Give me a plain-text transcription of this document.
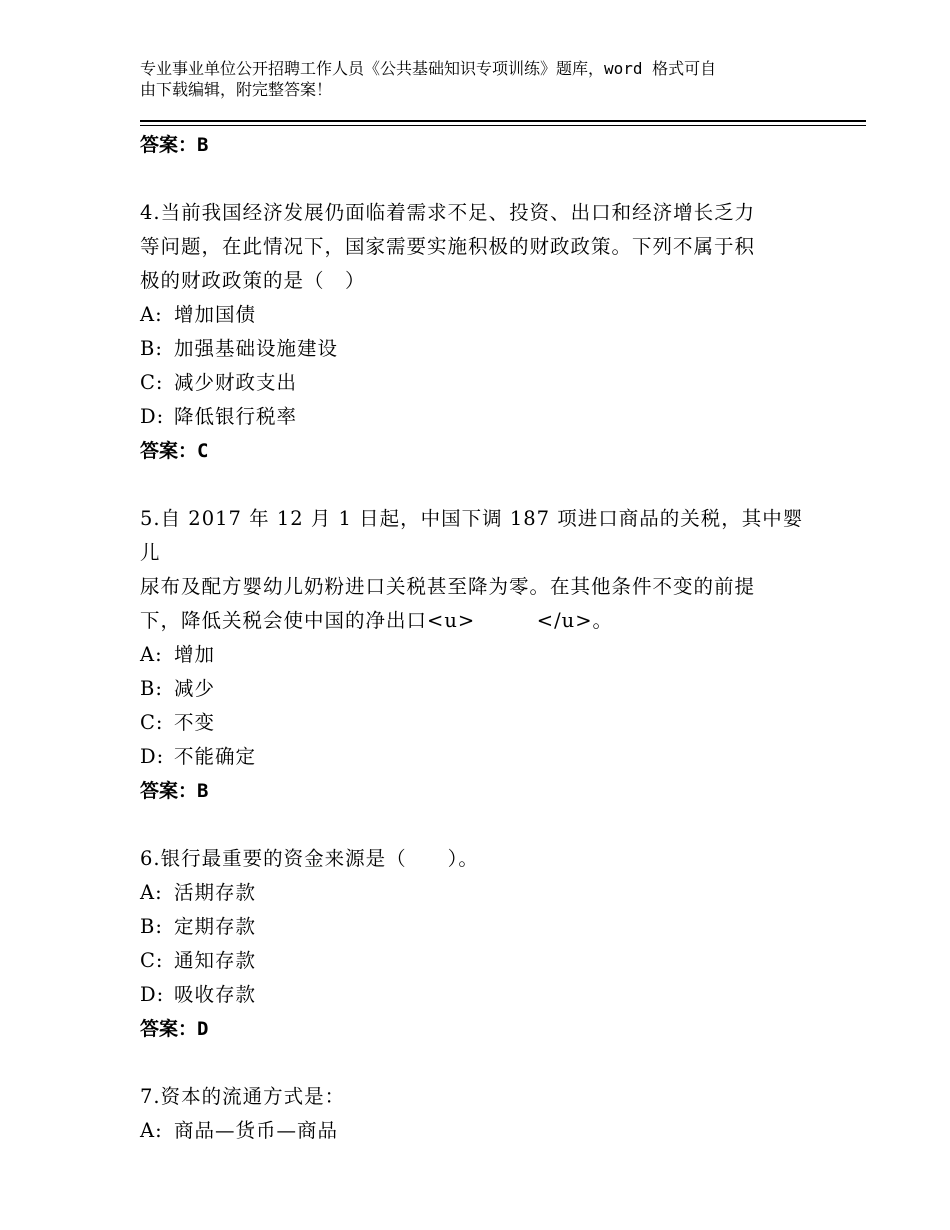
专业事业单位公开招聘工作人员《公共基础知识专项训练》题库，word 格式可自
由下载编辑，附完整答案！
答案：B
4.当前我国经济发展仍面临着需求不足、投资、出口和经济增长乏力
等问题，在此情况下，国家需要实施积极的财政政策。下列不属于积
极的财政政策的是（　）
A: 增加国债
B: 加强基础设施建设
C: 减少财政支出
D: 降低银行税率
答案：C
5.自 2017 年 12 月 1 日起，中国下调 187 项进口商品的关税，其中婴儿
尿布及配方婴幼儿奶粉进口关税甚至降为零。在其他条件不变的前提
下，降低关税会使中国的净出口<u>　　　</u>。
A: 增加
B: 减少
C: 不变
D: 不能确定
答案：B
6.银行最重要的资金来源是（　　）。
A: 活期存款
B: 定期存款
C: 通知存款
D: 吸收存款
答案：D
7.资本的流通方式是：
A: 商品—货币—商品
